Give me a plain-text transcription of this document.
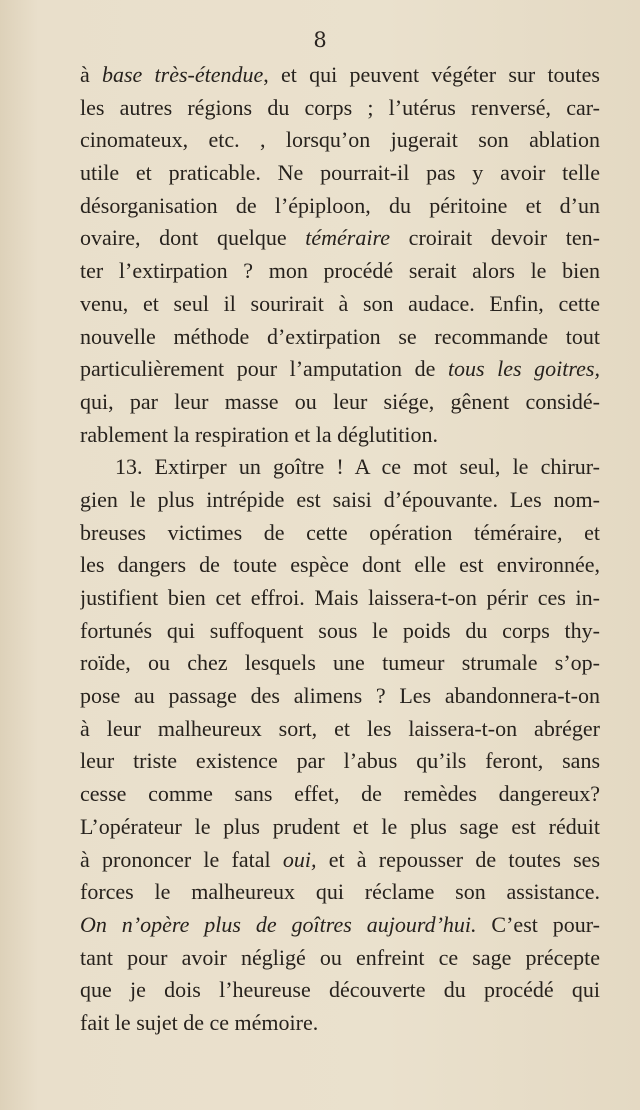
8
à base très-étendue, et qui peuvent végéter sur toutes
les autres régions du corps ; l’utérus renversé, car-
cinomateux, etc. , lorsqu’on jugerait son ablation
utile et praticable. Ne pourrait-il pas y avoir telle
désorganisation de l’épiploon, du péritoine et d’un
ovaire, dont quelque téméraire croirait devoir ten-
ter l’extirpation ? mon procédé serait alors le bien
venu, et seul il sourirait à son audace. Enfin, cette
nouvelle méthode d’extirpation se recommande tout
particulièrement pour l’amputation de tous les goitres,
qui, par leur masse ou leur siége, gênent considé-
rablement la respiration et la déglutition.
13. Extirper un goître ! A ce mot seul, le chirur-
gien le plus intrépide est saisi d’épouvante. Les nom-
breuses victimes de cette opération téméraire, et
les dangers de toute espèce dont elle est environnée,
justifient bien cet effroi. Mais laissera-t-on périr ces in-
fortunés qui suffoquent sous le poids du corps thy-
roïde, ou chez lesquels une tumeur strumale s’op-
pose au passage des alimens ? Les abandonnera-t-on
à leur malheureux sort, et les laissera-t-on abréger
leur triste existence par l’abus qu’ils feront, sans
cesse comme sans effet, de remèdes dangereux?
L’opérateur le plus prudent et le plus sage est réduit
à prononcer le fatal oui, et à repousser de toutes ses
forces le malheureux qui réclame son assistance.
On n’opère plus de goîtres aujourd’hui. C’est pour-
tant pour avoir négligé ou enfreint ce sage précepte
que je dois l’heureuse découverte du procédé qui
fait le sujet de ce mémoire.
